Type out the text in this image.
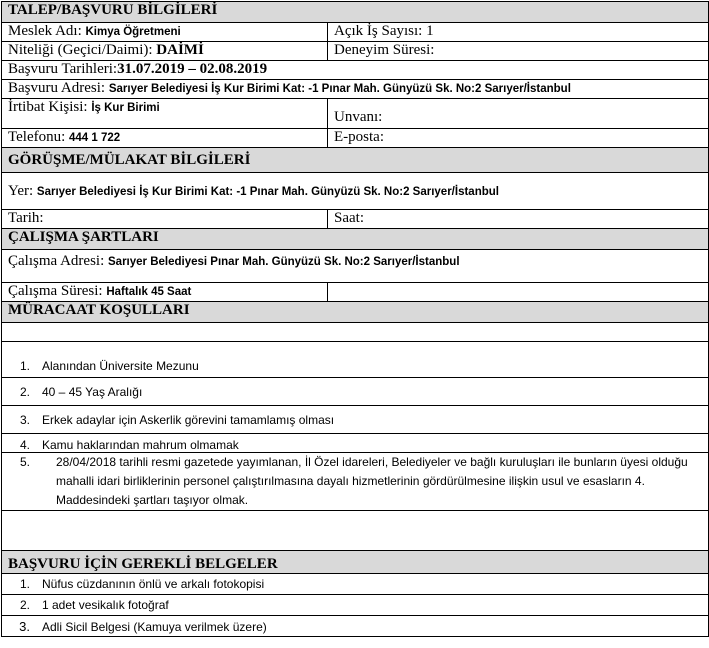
TALEP/BAŞVURU BİLGİLERİ	
Meslek Adı: Kimya Öğretmeni	Açık İş Sayısı: 1
Niteliği (Geçici/Daimi): DAİMİ	Deneyim Süresi:
Başvuru Tarihleri:31.07.2019 – 02.08.2019	
Başvuru Adresi: Sarıyer Belediyesi İş Kur Birimi Kat: -1 Pınar Mah. Günyüzü Sk. No:2 Sarıyer/İstanbul	
İrtibat Kişisi: İş Kur Birimi	Unvanı:
Telefonu: 444 1 722	E-posta:
GÖRÜŞME/MÜLAKAT BİLGİLERİ	
Yer: Sarıyer Belediyesi İş Kur Birimi Kat: -1 Pınar Mah. Günyüzü Sk. No:2 Sarıyer/İstanbul	
Tarih:	Saat:
ÇALIŞMA ŞARTLARI	
Çalışma Adresi: Sarıyer Belediyesi Pınar Mah. Günyüzü Sk. No:2 Sarıyer/İstanbul	
Çalışma Süresi: Haftalık 45 Saat	
MÜRACAAT KOŞULLARI	

1. Alanından Üniversite Mezunu	
2. 40 – 45 Yaş Aralığı	
3. Erkek adaylar için Askerlik görevini tamamlamış olması	
4. Kamu haklarından mahrum olmamak	

5. 28/04/2018 tarihli resmi gazetede yayımlanan, İl Özel idareleri, Belediyeler ve bağlı kuruluşları ile bunların üyesi olduğu mahalli idari birliklerinin personel çalıştırılmasına dayalı hizmetlerinin gördürülmesine ilişkin usul ve esasların 4. Maddesindeki şartları taşıyor olmak.	

BAŞVURU İÇİN GEREKLİ BELGELER	
1. Nüfus cüzdanının önlü ve arkalı fotokopisi	
2. 1 adet vesikalık fotoğraf	
3. Adli Sicil Belgesi (Kamuya verilmek üzere)	
